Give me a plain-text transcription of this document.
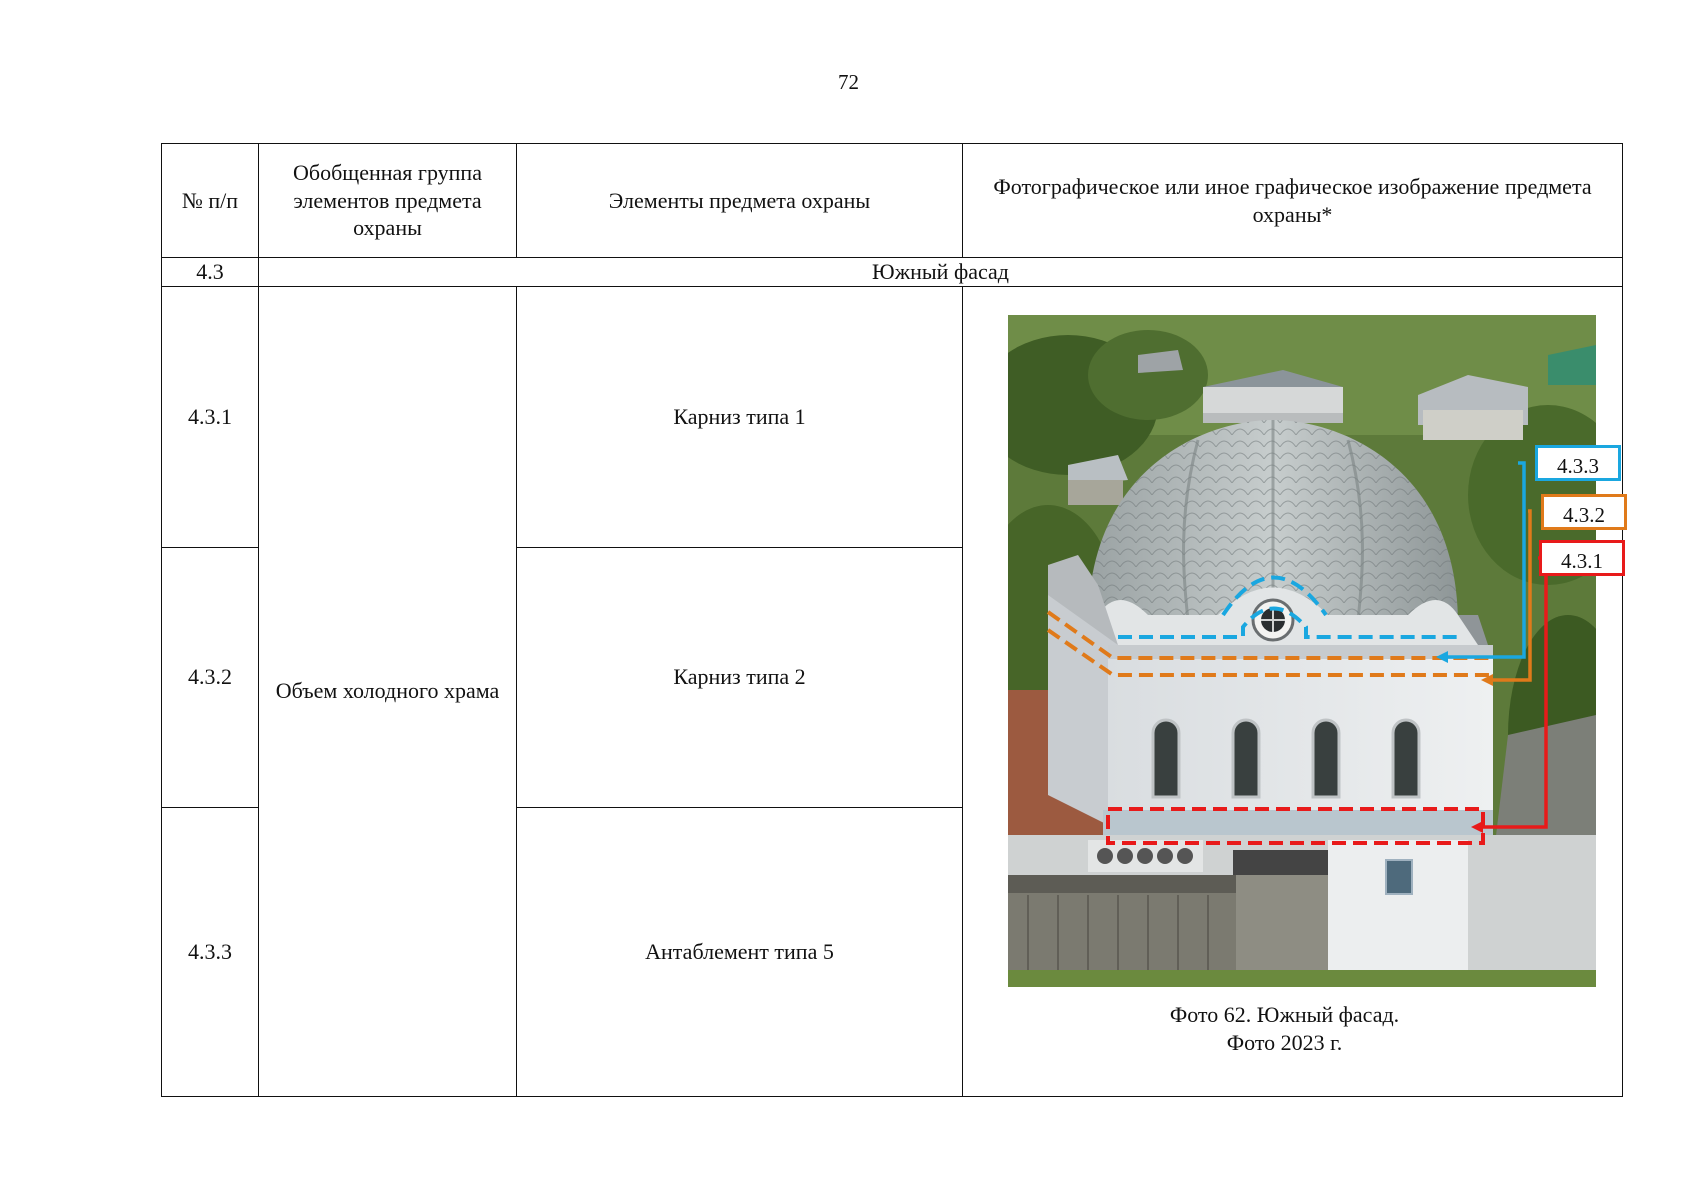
72
№ п/п	Обобщенная группа элементов предмета охраны	Элементы предмета охраны	Фотографическое или иное графическое изображение предмета охраны*
4.3	Южный фасад		
4.3.1	Объем холодного храма	Карниз типа 1	4.3.3
4.3.2
4.3.1
Фото 62. Южный фасад.
Фото 2023 г.

4.3.2		Карниз типа 2	
4.3.3		Антаблемент типа 5	
